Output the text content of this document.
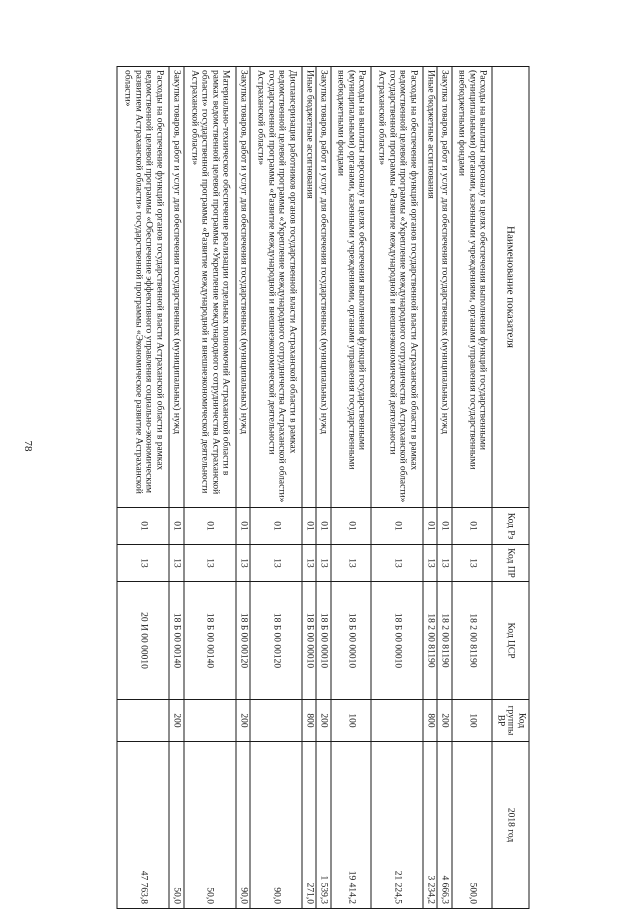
78
Наименование показателя	Код Рз	Код ПР	Код ЦСР	Код группы ВР	2018 год
Расходы на выплаты персоналу в целях обеспечения выполнения функций государственными (муниципальными) органами, казенными учреждениями, органами управления государственными внебюджетными фондами	01	13	18 2 00 81190	100	500,0
Закупка товаров, работ и услуг для обеспечения государственных (муниципальных) нужд	01	13	18 2 00 81190	200	4 666,3
Иные бюджетные ассигнования	01	13	18 2 00 81190	800	3 234,2
Расходы на обеспечение функций органов государственной власти Астраханской области в рамках ведомственной целевой программы «Укрепление международного сотрудничества Астраханской области» государственной программы «Развитие международной и внешнеэкономической деятельности Астраханской области»	01	13	18 Б 00 00010		21 224,5
Расходы на выплаты персоналу в целях обеспечения выполнения функций государственными (муниципальными) органами, казенными учреждениями, органами управления государственными внебюджетными фондами	01	13	18 Б 00 00010	100	19 414,2
Закупка товаров, работ и услуг для обеспечения государственных (муниципальных) нужд	01	13	18 Б 00 00010	200	1 539,3
Иные бюджетные ассигнования	01	13	18 Б 00 00010	800	271,0
Диспансеризация работников органов государственной власти Астраханской области в рамках ведомственной целевой программы «Укрепление международного сотрудничества Астраханской области» государственной программы «Развитие международной и внешнеэкономической деятельности Астраханской области»	01	13	18 Б 00 00120		90,0
Закупка товаров, работ и услуг для обеспечения государственных (муниципальных) нужд	01	13	18 Б 00 00120	200	90,0
Материально-техническое обеспечение реализации отдельных полномочий Астраханской области в рамках ведомственной целевой программы «Укрепление международного сотрудничества Астраханской области» государственной программы «Развитие международной и внешнеэкономической деятельности Астраханской области»	01	13	18 Б 00 00140		50,0
Закупка товаров, работ и услуг для обеспечения государственных (муниципальных) нужд	01	13	18 Б 00 00140	200	50,0
Расходы на обеспечение функций органов государственной власти Астраханской области в рамках ведомственной целевой программы «Обеспечение эффективного управления социально-экономическим развитием Астраханской области» государственной программы «Экономическое развитие Астраханской области»	01	13	20 И 00 00010		47 763,8
